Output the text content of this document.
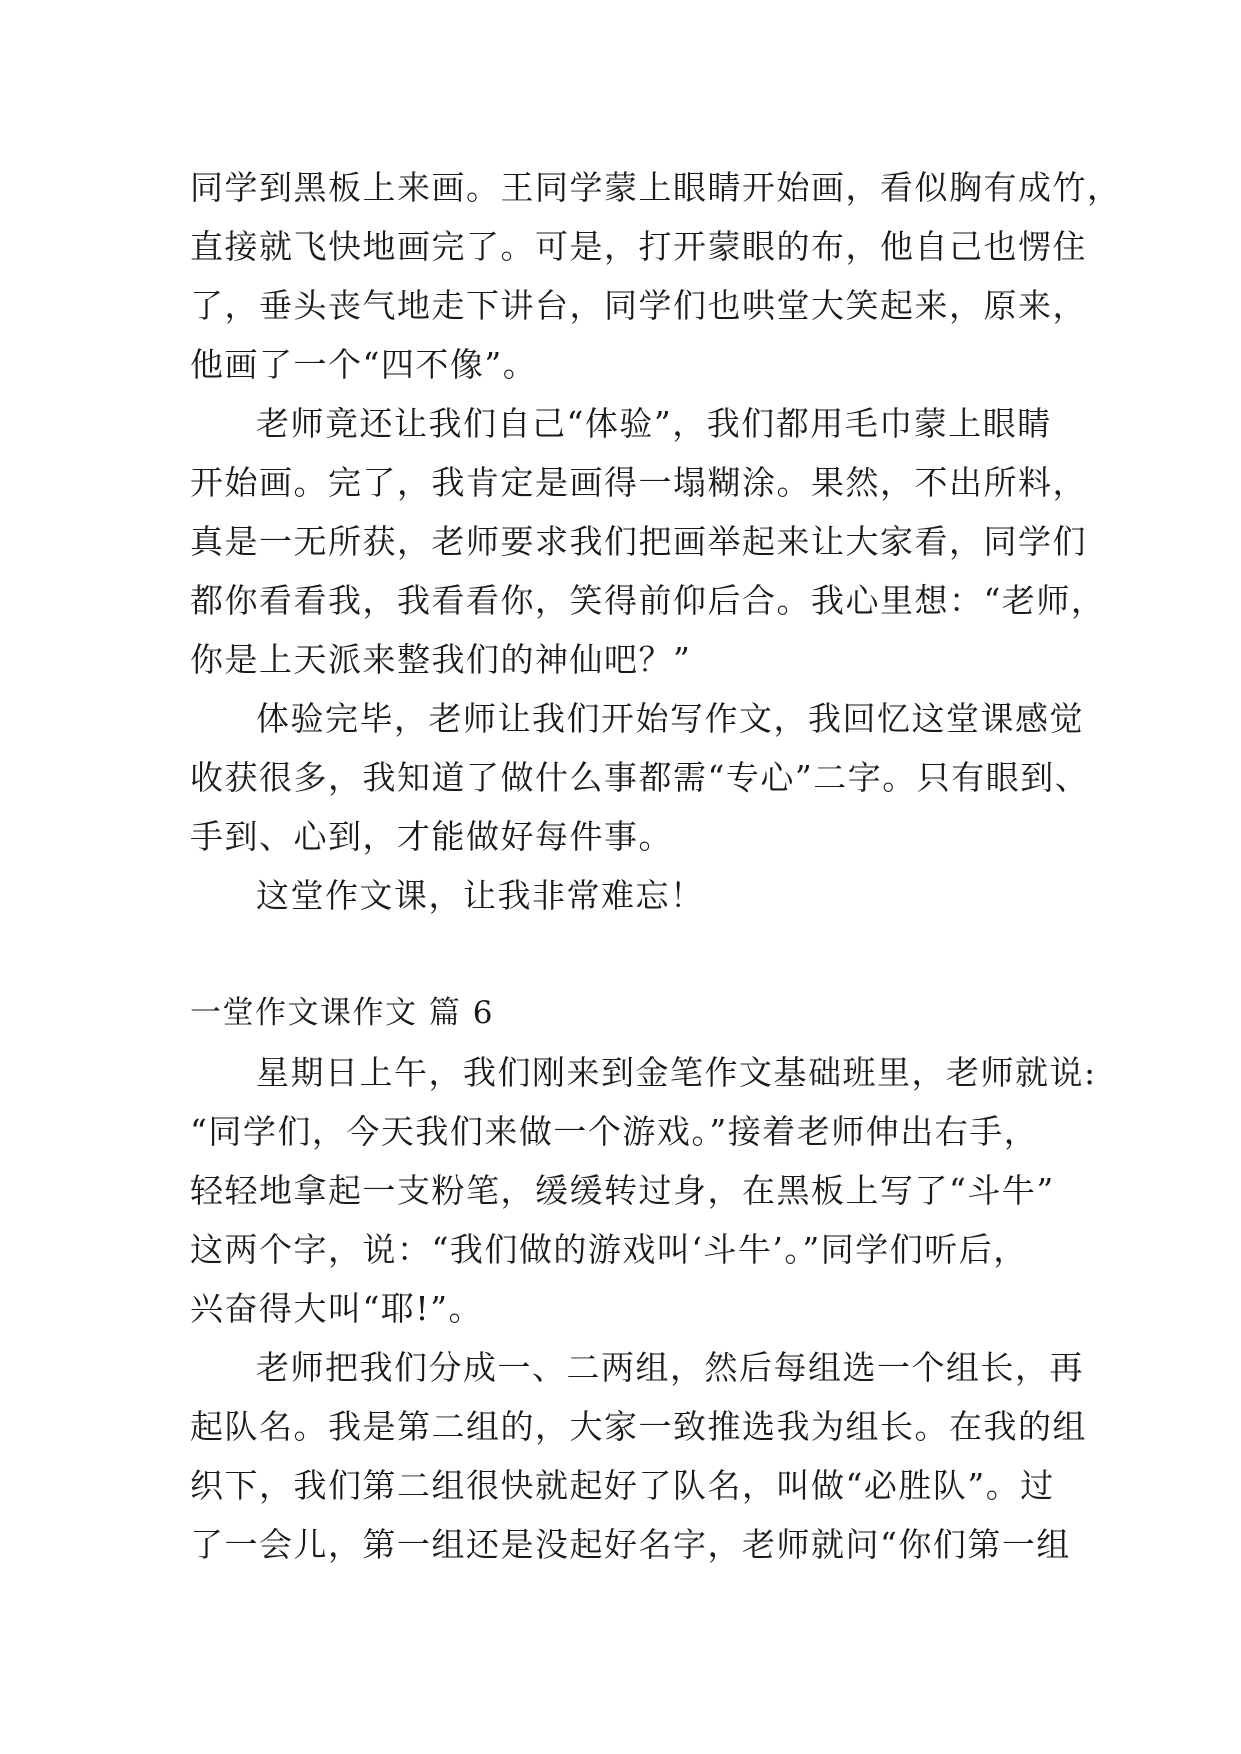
同学到黑板上来画。王同学蒙上眼睛开始画，看似胸有成竹，
直接就飞快地画完了。可是，打开蒙眼的布，他自己也愣住
了，垂头丧气地走下讲台，同学们也哄堂大笑起来，原来，
他画了一个“四不像”。
老师竟还让我们自己“体验”，我们都用毛巾蒙上眼睛
开始画。完了，我肯定是画得一塌糊涂。果然，不出所料，
真是一无所获，老师要求我们把画举起来让大家看，同学们
都你看看我，我看看你，笑得前仰后合。我心里想：“老师，
你是上天派来整我们的神仙吧？”
体验完毕，老师让我们开始写作文，我回忆这堂课感觉
收获很多，我知道了做什么事都需“专心”二字。只有眼到、
手到、心到，才能做好每件事。
这堂作文课，让我非常难忘！
一堂作文课作文 篇 6
星期日上午，我们刚来到金笔作文基础班里，老师就说:
“同学们，今天我们来做一个游戏。”接着老师伸出右手，
轻轻地拿起一支粉笔，缓缓转过身，在黑板上写了“斗牛”
这两个字，说：“我们做的游戏叫‘斗牛’。”同学们听后，
兴奋得大叫“耶!”。
老师把我们分成一、二两组，然后每组选一个组长，再
起队名。我是第二组的，大家一致推选我为组长。在我的组
织下，我们第二组很快就起好了队名，叫做“必胜队”。过
了一会儿，第一组还是没起好名字，老师就问“你们第一组
